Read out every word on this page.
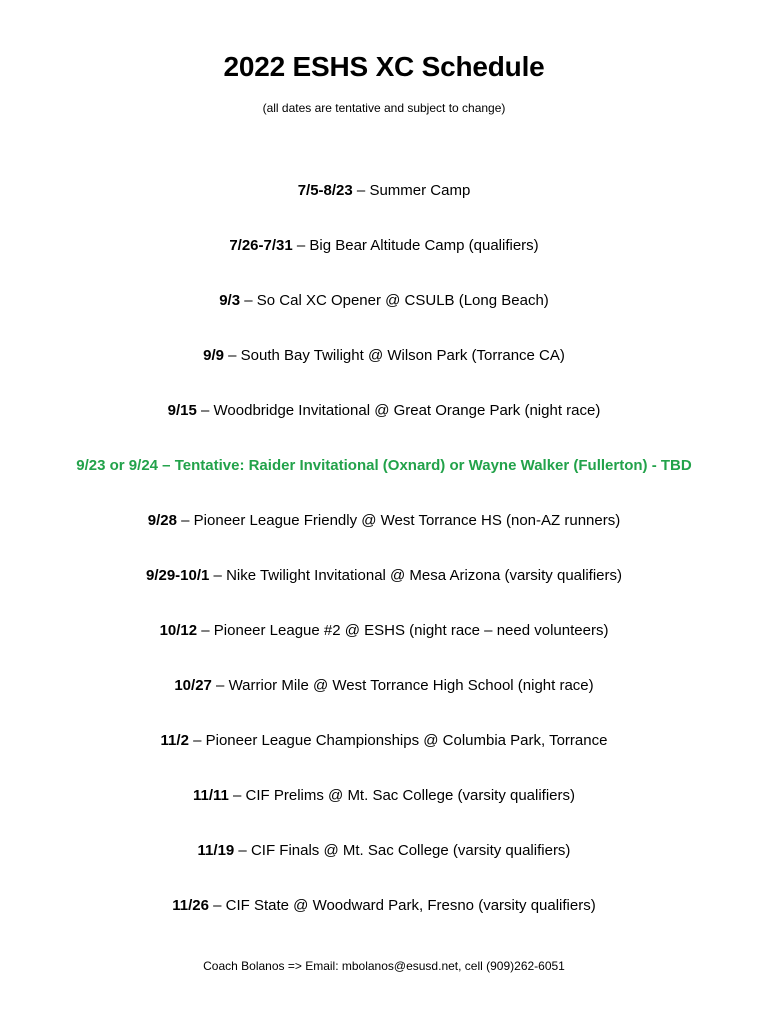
2022 ESHS XC Schedule
(all dates are tentative and subject to change)
7/5-8/23 – Summer Camp
7/26-7/31 – Big Bear Altitude Camp (qualifiers)
9/3 – So Cal XC Opener @ CSULB (Long Beach)
9/9 – South Bay Twilight @ Wilson Park (Torrance CA)
9/15 – Woodbridge Invitational @ Great Orange Park (night race)
9/23 or 9/24 – Tentative: Raider Invitational (Oxnard) or Wayne Walker (Fullerton) - TBD
9/28 – Pioneer League Friendly @ West Torrance HS (non-AZ runners)
9/29-10/1 – Nike Twilight Invitational @ Mesa Arizona (varsity qualifiers)
10/12 – Pioneer League #2 @ ESHS (night race – need volunteers)
10/27 – Warrior Mile @ West Torrance High School (night race)
11/2 – Pioneer League Championships @ Columbia Park, Torrance
11/11 – CIF Prelims @ Mt. Sac College (varsity qualifiers)
11/19 – CIF Finals @ Mt. Sac College (varsity qualifiers)
11/26 – CIF State @ Woodward Park, Fresno (varsity qualifiers)
Coach Bolanos => Email: mbolanos@esusd.net, cell (909)262-6051
